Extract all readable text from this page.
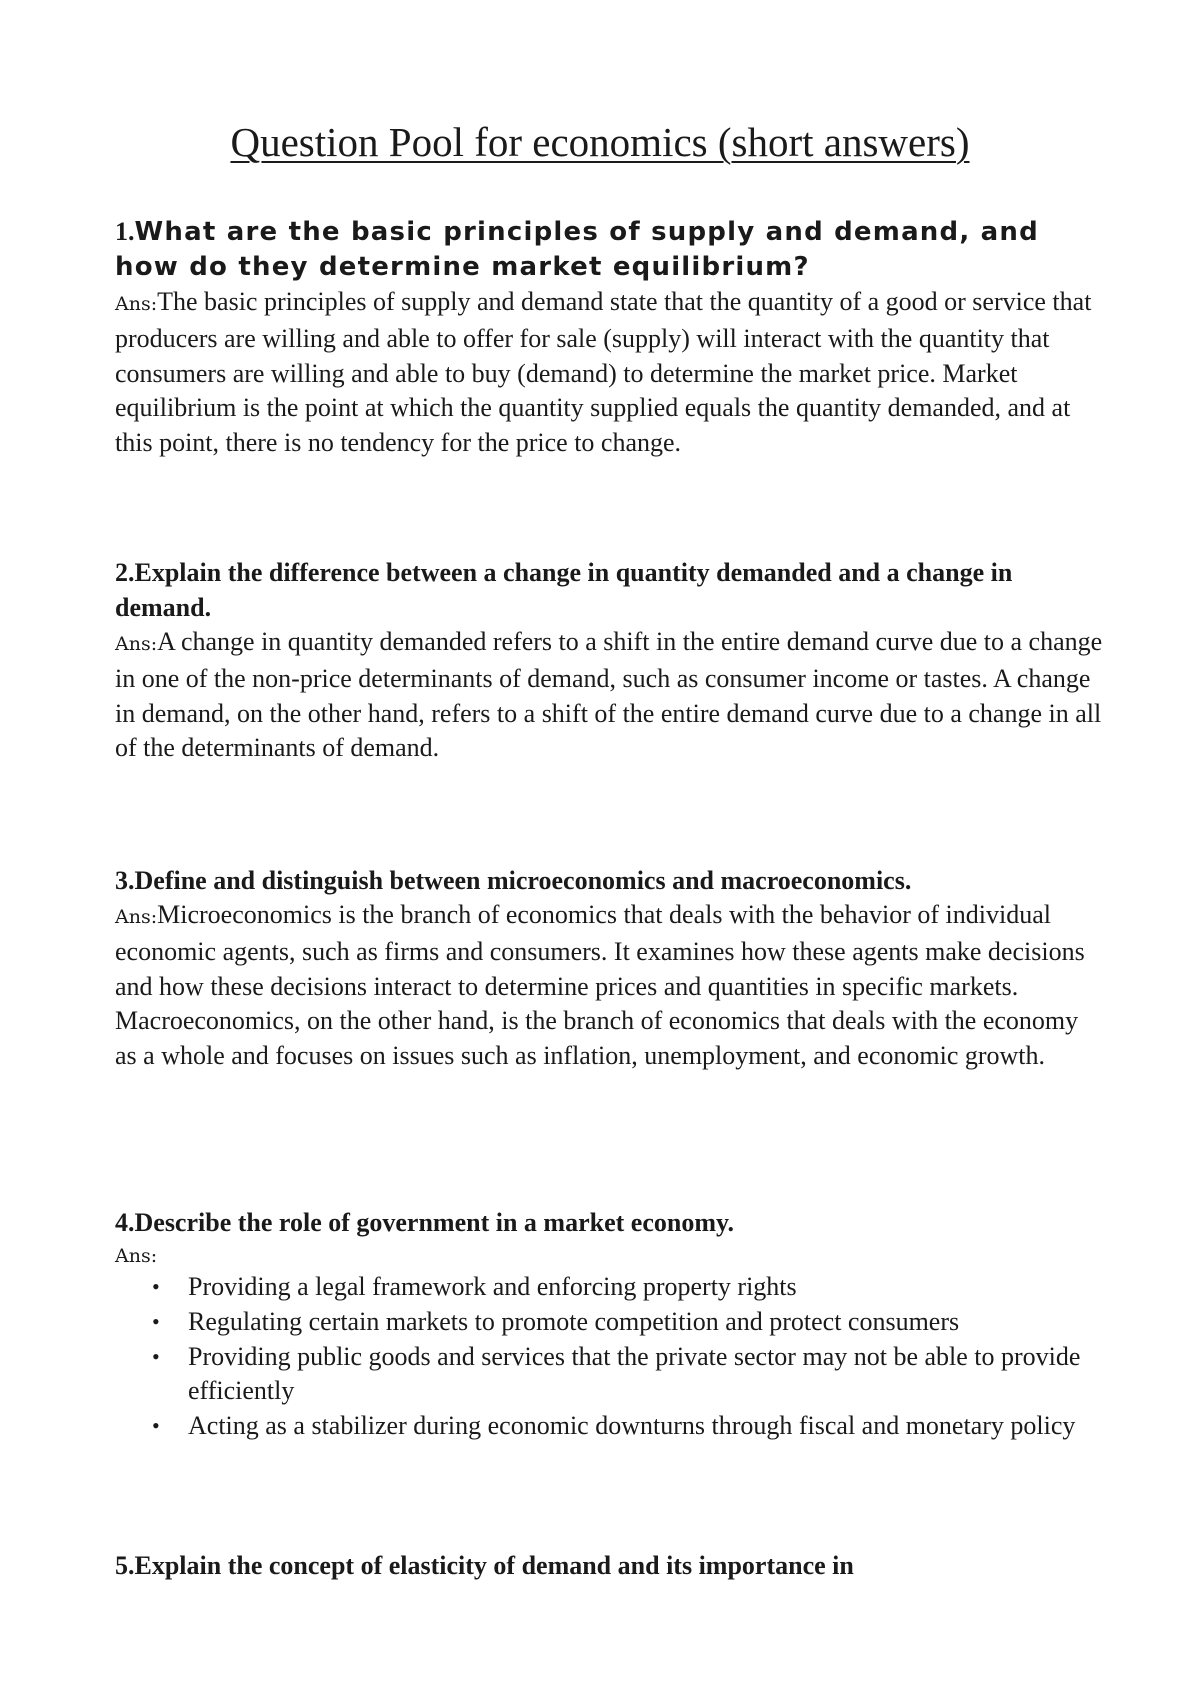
Question Pool for economics (short answers)
1.What are the basic principles of supply and demand, and how do they determine market equilibrium?
Ans:The basic principles of supply and demand state that the quantity of a good or service that producers are willing and able to offer for sale (supply) will interact with the quantity that consumers are willing and able to buy (demand) to determine the market price. Market equilibrium is the point at which the quantity supplied equals the quantity demanded, and at this point, there is no tendency for the price to change.
2.Explain the difference between a change in quantity demanded and a change in demand.
Ans:A change in quantity demanded refers to a shift in the entire demand curve due to a change in one of the non-price determinants of demand, such as consumer income or tastes. A change in demand, on the other hand, refers to a shift of the entire demand curve due to a change in all of the determinants of demand.
3.Define and distinguish between microeconomics and macroeconomics.
Ans:Microeconomics is the branch of economics that deals with the behavior of individual economic agents, such as firms and consumers. It examines how these agents make decisions and how these decisions interact to determine prices and quantities in specific markets. Macroeconomics, on the other hand, is the branch of economics that deals with the economy as a whole and focuses on issues such as inflation, unemployment, and economic growth.
4.Describe the role of government in a market economy.
Ans:
• Providing a legal framework and enforcing property rights
• Regulating certain markets to promote competition and protect consumers
• Providing public goods and services that the private sector may not be able to provide efficiently
• Acting as a stabilizer during economic downturns through fiscal and monetary policy
5.Explain the concept of elasticity of demand and its importance in
